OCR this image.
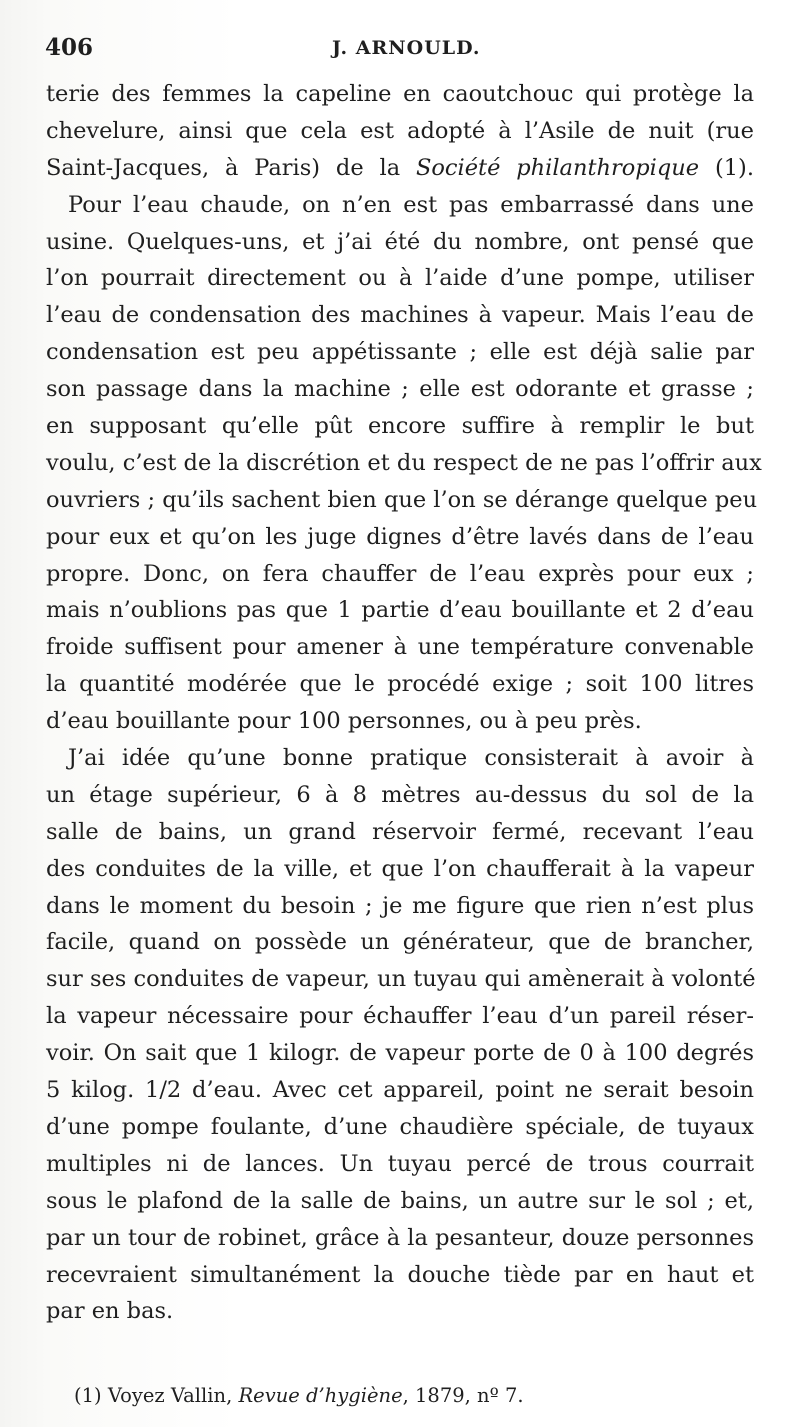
406	J. ARNOULD.
terie des femmes la capeline en caoutchouc qui protège la
chevelure, ainsi que cela est adopté à l’Asile de nuit (rue
Saint-Jacques, à Paris) de la Société philanthropique (1).
Pour l’eau chaude, on n’en est pas embarrassé dans une
usine. Quelques-uns, et j’ai été du nombre, ont pensé que
l’on pourrait directement ou à l’aide d’une pompe, utiliser
l’eau de condensation des machines à vapeur. Mais l’eau de
condensation est peu appétissante ; elle est déjà salie par
son passage dans la machine ; elle est odorante et grasse ;
en supposant qu’elle pût encore suffire à remplir le but
voulu, c’est de la discrétion et du respect de ne pas l’offrir aux
ouvriers ; qu’ils sachent bien que l’on se dérange quelque peu
pour eux et qu’on les juge dignes d’être lavés dans de l’eau
propre. Donc, on fera chauffer de l’eau exprès pour eux ;
mais n’oublions pas que 1 partie d’eau bouillante et 2 d’eau
froide suffisent pour amener à une température convenable
la quantité modérée que le procédé exige ; soit 100 litres
d’eau bouillante pour 100 personnes, ou à peu près.
J’ai idée qu’une bonne pratique consisterait à avoir à
un étage supérieur, 6 à 8 mètres au-dessus du sol de la
salle de bains, un grand réservoir fermé, recevant l’eau
des conduites de la ville, et que l’on chaufferait à la vapeur
dans le moment du besoin ; je me figure que rien n’est plus
facile, quand on possède un générateur, que de brancher,
sur ses conduites de vapeur, un tuyau qui amènerait à volonté
la vapeur nécessaire pour échauffer l’eau d’un pareil réser-
voir. On sait que 1 kilogr. de vapeur porte de 0 à 100 degrés
5 kilog. 1/2 d’eau. Avec cet appareil, point ne serait besoin
d’une pompe foulante, d’une chaudière spéciale, de tuyaux
multiples ni de lances. Un tuyau percé de trous courrait
sous le plafond de la salle de bains, un autre sur le sol ; et,
par un tour de robinet, grâce à la pesanteur, douze personnes
recevraient simultanément la douche tiède par en haut et
par en bas.
(1) Voyez Vallin, Revue d’hygiène, 1879, nº 7.
